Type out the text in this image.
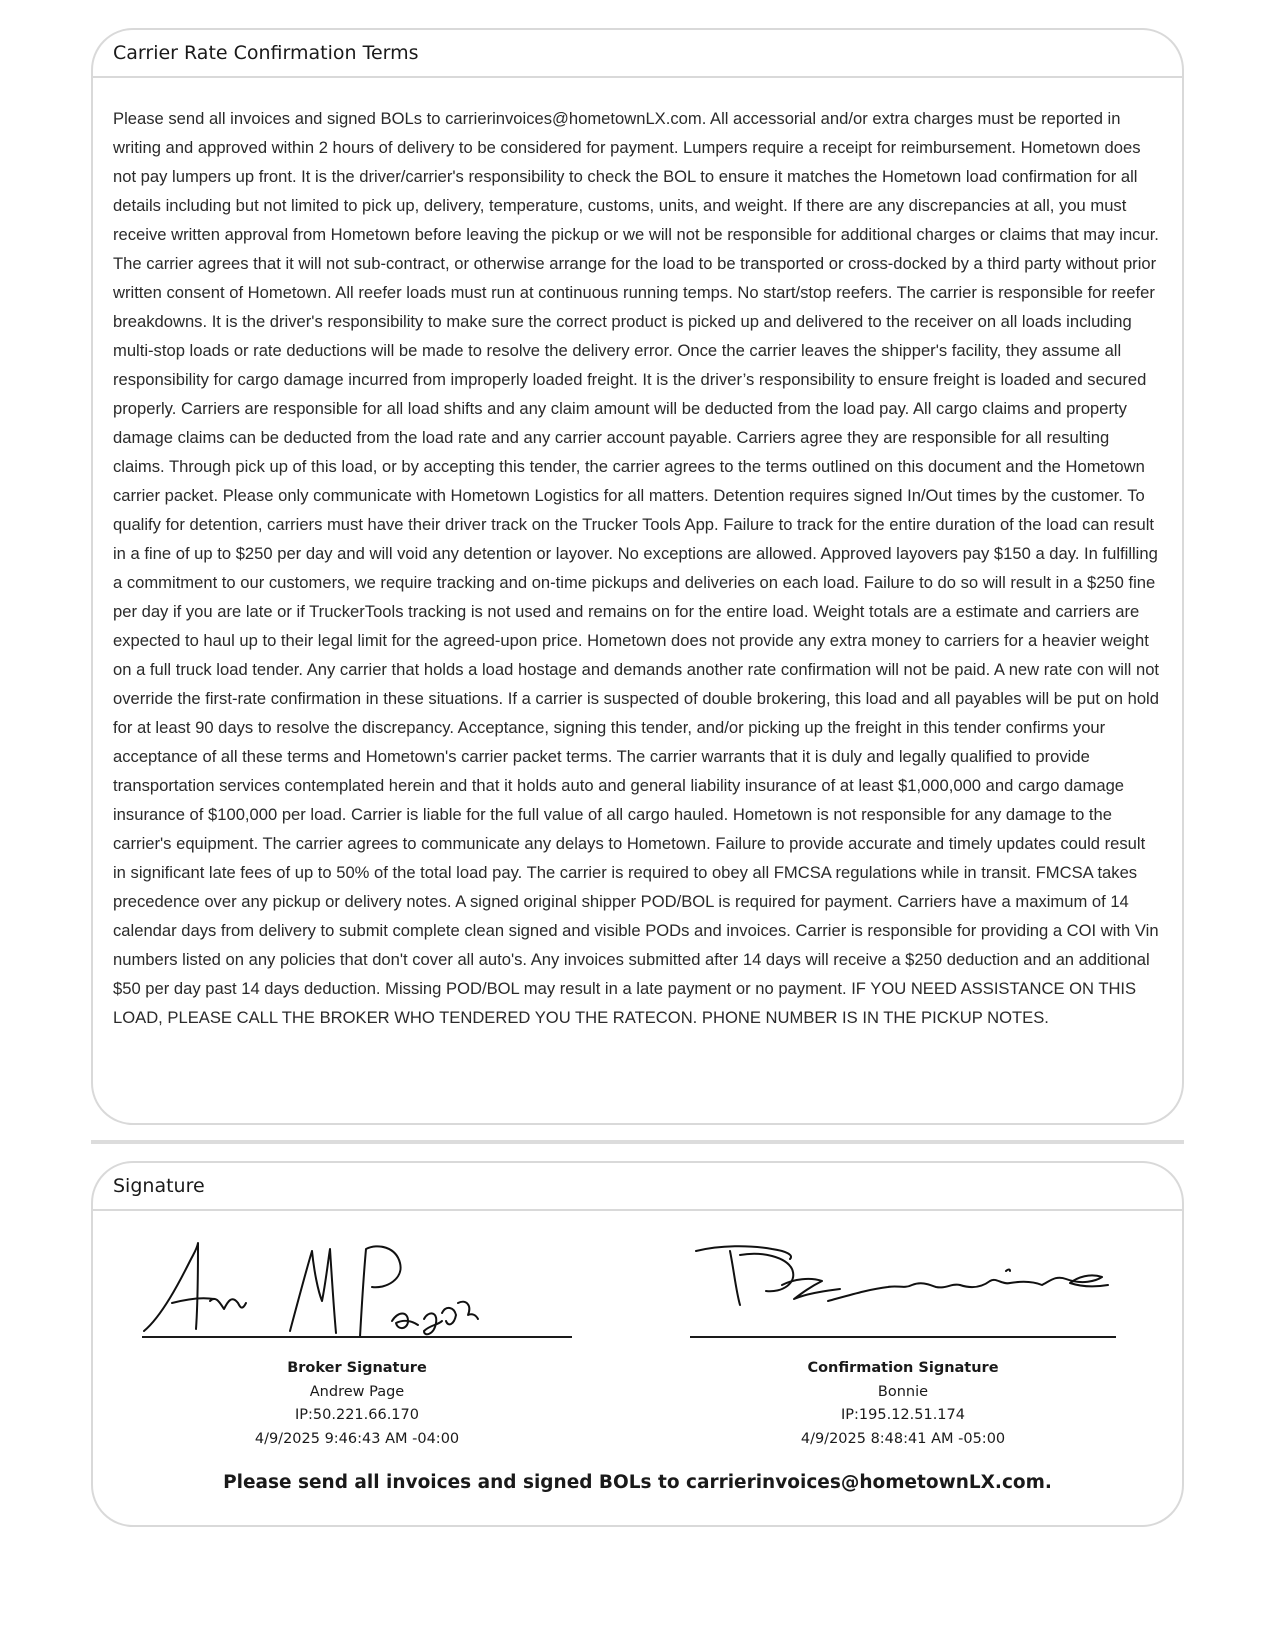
Carrier Rate Confirmation Terms
Please send all invoices and signed BOLs to carrierinvoices@hometownLX.com. All accessorial and/or extra charges must be reported in writing and approved within 2 hours of delivery to be considered for payment. Lumpers require a receipt for reimbursement. Hometown does not pay lumpers up front. It is the driver/carrier's responsibility to check the BOL to ensure it matches the Hometown load confirmation for all details including but not limited to pick up, delivery, temperature, customs, units, and weight. If there are any discrepancies at all, you must receive written approval from Hometown before leaving the pickup or we will not be responsible for additional charges or claims that may incur. The carrier agrees that it will not sub-contract, or otherwise arrange for the load to be transported or cross-docked by a third party without prior written consent of Hometown. All reefer loads must run at continuous running temps. No start/stop reefers. The carrier is responsible for reefer breakdowns. It is the driver's responsibility to make sure the correct product is picked up and delivered to the receiver on all loads including multi-stop loads or rate deductions will be made to resolve the delivery error. Once the carrier leaves the shipper's facility, they assume all responsibility for cargo damage incurred from improperly loaded freight. It is the driver’s responsibility to ensure freight is loaded and secured properly. Carriers are responsible for all load shifts and any claim amount will be deducted from the load pay. All cargo claims and property damage claims can be deducted from the load rate and any carrier account payable. Carriers agree they are responsible for all resulting claims. Through pick up of this load, or by accepting this tender, the carrier agrees to the terms outlined on this document and the Hometown carrier packet. Please only communicate with Hometown Logistics for all matters. Detention requires signed In/Out times by the customer. To qualify for detention, carriers must have their driver track on the Trucker Tools App. Failure to track for the entire duration of the load can result in a fine of up to $250 per day and will void any detention or layover. No exceptions are allowed. Approved layovers pay $150 a day. In fulfilling a commitment to our customers, we require tracking and on-time pickups and deliveries on each load. Failure to do so will result in a $250 fine per day if you are late or if TruckerTools tracking is not used and remains on for the entire load. Weight totals are a estimate and carriers are expected to haul up to their legal limit for the agreed-upon price. Hometown does not provide any extra money to carriers for a heavier weight on a full truck load tender. Any carrier that holds a load hostage and demands another rate confirmation will not be paid. A new rate con will not override the first-rate confirmation in these situations. If a carrier is suspected of double brokering, this load and all payables will be put on hold for at least 90 days to resolve the discrepancy. Acceptance, signing this tender, and/or picking up the freight in this tender confirms your acceptance of all these terms and Hometown's carrier packet terms. The carrier warrants that it is duly and legally qualified to provide transportation services contemplated herein and that it holds auto and general liability insurance of at least $1,000,000 and cargo damage insurance of $100,000 per load. Carrier is liable for the full value of all cargo hauled. Hometown is not responsible for any damage to the carrier's equipment. The carrier agrees to communicate any delays to Hometown. Failure to provide accurate and timely updates could result in significant late fees of up to 50% of the total load pay. The carrier is required to obey all FMCSA regulations while in transit. FMCSA takes precedence over any pickup or delivery notes. A signed original shipper POD/BOL is required for payment. Carriers have a maximum of 14 calendar days from delivery to submit complete clean signed and visible PODs and invoices. Carrier is responsible for providing a COI with Vin numbers listed on any policies that don't cover all auto's. Any invoices submitted after 14 days will receive a $250 deduction and an additional $50 per day past 14 days deduction. Missing POD/BOL may result in a late payment or no payment. IF YOU NEED ASSISTANCE ON THIS LOAD, PLEASE CALL THE BROKER WHO TENDERED YOU THE RATECON. PHONE NUMBER IS IN THE PICKUP NOTES.
Signature
Broker Signature
Andrew Page
IP:50.221.66.170
4/9/2025 9:46:43 AM -04:00
Confirmation Signature
Bonnie
IP:195.12.51.174
4/9/2025 8:48:41 AM -05:00
Please send all invoices and signed BOLs to carrierinvoices@hometownLX.com.
